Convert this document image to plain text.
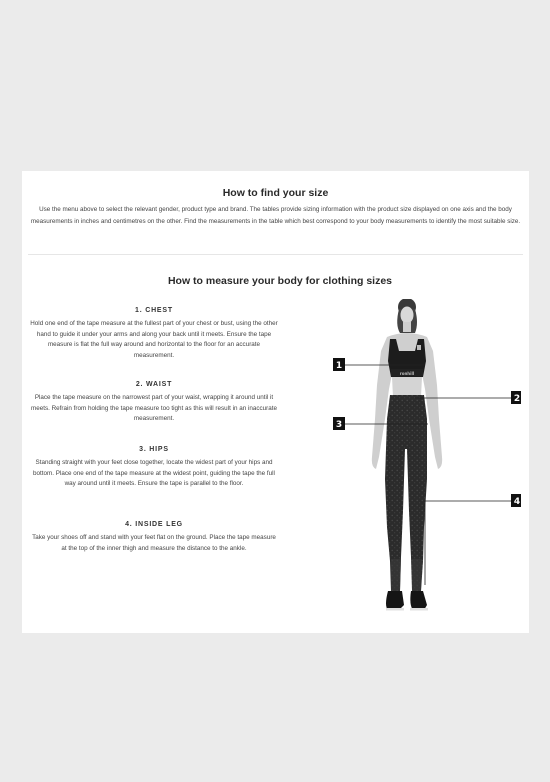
How to find your size
Use the menu above to select the relevant gender, product type and brand. The tables provide sizing information with the product size displayed on one axis and the body measurements in inches and centimetres on the other. Find the measurements in the table which best correspond to your body measurements to identify the most suitable size.
How to measure your body for clothing sizes
1. CHEST
Hold one end of the tape measure at the fullest part of your chest or bust, using the other hand to guide it under your arms and along your back until it meets. Ensure the tape measure is flat the full way around and horizontal to the floor for an accurate measurement.
2. WAIST
Place the tape measure on the narrowest part of your waist, wrapping it around until it meets. Refrain from holding the tape measure too tight as this will result in an inaccurate measurement.
3. HIPS
Standing straight with your feet close together, locate the widest part of your hips and bottom. Place one end of the tape measure at the widest point, guiding the tape the full way around until it meets. Ensure the tape is parallel to the floor.
4. INSIDE LEG
Take your shoes off and stand with your feet flat on the ground. Place the tape measure at the top of the inner thigh and measure the distance to the ankle.
ronhill
1
2
3
4
